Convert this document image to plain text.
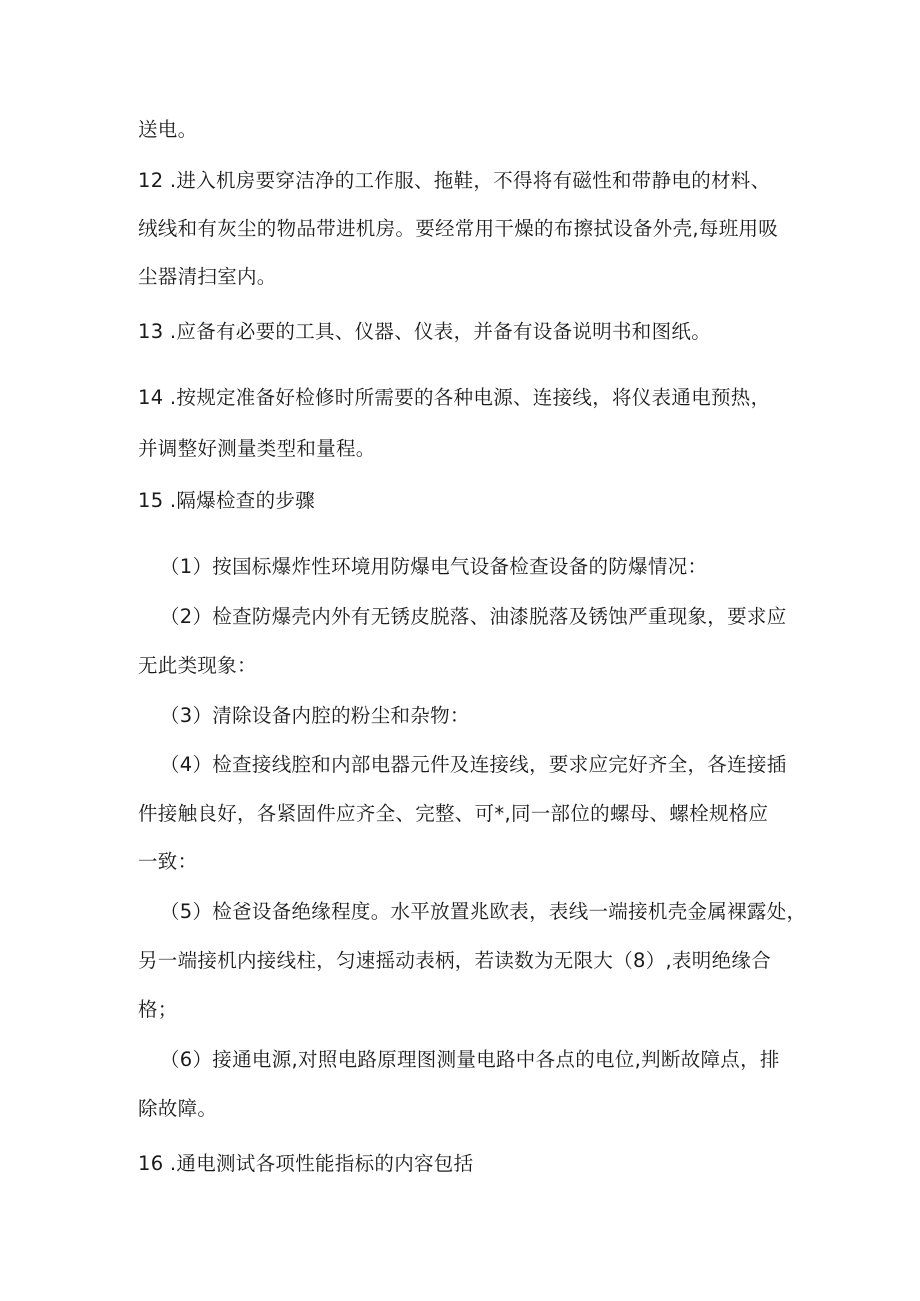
送电。
12 .进入机房要穿洁净的工作服、拖鞋，不得将有磁性和带静电的材料、
绒线和有灰尘的物品带进机房。要经常用干燥的布擦拭设备外壳,每班用吸
尘器清扫室内。
13 .应备有必要的工具、仪器、仪表，并备有设备说明书和图纸。
14 .按规定准备好检修时所需要的各种电源、连接线，将仪表通电预热，
并调整好测量类型和量程。
15 .隔爆检查的步骤
（1）按国标爆炸性环境用防爆电气设备检查设备的防爆情况：
（2）检查防爆壳内外有无锈皮脱落、油漆脱落及锈蚀严重现象，要求应
无此类现象：
（3）清除设备内腔的粉尘和杂物：
（4）检查接线腔和内部电器元件及连接线，要求应完好齐全，各连接插
件接触良好，各紧固件应齐全、完整、可*,同一部位的螺母、螺栓规格应
一致：
（5）检爸设备绝缘程度。水平放置兆欧表，表线一端接机壳金属裸露处，
另一端接机内接线柱，匀速摇动表柄，若读数为无限大（8）,表明绝缘合
格；
（6）接通电源,对照电路原理图测量电路中各点的电位,判断故障点，排
除故障。
16 .通电测试各项性能指标的内容包括
